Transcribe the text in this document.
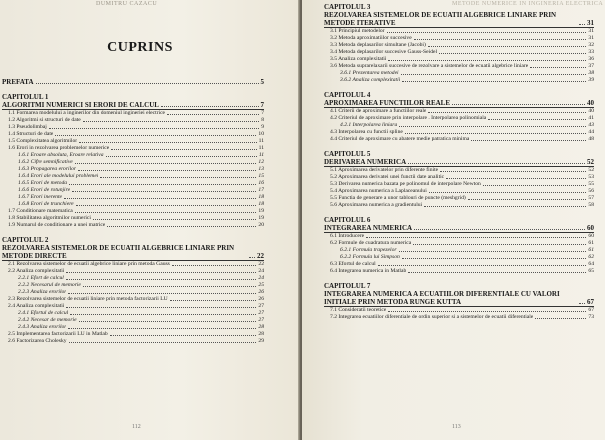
DUMITRU CAZACU
CUPRINS
PREFATA	5
CAPITOLUL 1
ALGORITMI NUMERICI SI ERORI DE CALCUL	7
1.1 Formarea modelului a inginerilor din domeniul ingineriei electrice	7
1.2 Algoritmi si structuri de date	8
1.3 Pseudolimbaj	9
1.4 Structuri de date	10
1.5 Complexitatea algoritmilor	11
1.6 Erori in rezolvarea problemelor numerice	11
1.6.1 Eroare absoluta, Eroare relativa	11
1.6.2 Cifre semnificative	12
1.6.3 Propagarea erorilor	13
1.6.4 Erori ale modelului problemei	15
1.6.5 Erori de metoda	16
1.6.6 Erori de rotunjire	17
1.6.7 Erori inerente	18
1.6.8 Erori de trunchiere	18
1.7 Conditionare matematica	19
1.8 Stabilitatea algoritmilor numerici	19
1.9 Numarul de conditionare a unei matrice	20
CAPITOLUL 2
REZOLVAREA SISTEMELOR DE ECUATII ALGEBRICE LINIARE PRIN METODE DIRECTE	22
2.1 Rezolvarea sistemelor de ecuatii algebrice liniare prin metoda Gauss	22
2.2 Analiza complexitatii	24
2.2.1 Efort de calcul	24
2.2.2 Necesarul de memorie	25
2.2.3 Analiza erorilor	26
2.3 Rezolvarea sistemelor de ecuatii liniare prin metoda factorizarii LU	26
2.4 Analiza complexitatii	27
2.4.1 Efortul de calcul	27
2.4.2 Necesar de memorie	27
2.4.3 Analiza erorilor	28
2.5 Implementarea factorizarii LU in Matlab	28
2.6 Factorizarea Cholesky	29
112
METODE NUMERICE IN INGINERIA ELECTRICA
CAPITOLUL 3
REZOLVAREA SISTEMELOR DE ECUATII ALGEBRICE LINIARE PRIN METODE ITERATIVE	31
3.1 Principiul metodelor	31
3.2 Metoda aproximatiilor succesive	31
3.3 Metoda deplasarilor simultane (Jacobi)	32
3.4 Metoda deplasarilor succesive Gauss-Seidel	33
3.5 Analiza complexitatii	36
3.6 Metoda suprarelaxarii succesive de rezolvare a sistemelor de ecuatii algebrice liniare	37
3.6.1 Prezentarea metodei	38
3.6.2 Analiza complexitatii	39
CAPITOLUL 4
APROXIMAREA FUNCTIILOR REALE	40
4.1 Criterii de aproximare a functiilor reale	40
4.2 Criteriul de aproximare prin interpolare . Interpolarea polinomiala	41
4.2.1 Interpolarea liniara	43
4.3 Interpolarea cu functii spline	44
4.4 Criteriul de aproximare cu abatere medie patratica minima	48
CAPITOLUL 5
DERIVAREA NUMERICA	52
5.1 Aproximarea derivatelor prin diferente finite	52
5.2 Aproximarea derivatei unei functii date analitic	53
5.3 Derivarea numerica bazata pe polinomul de interpolare Newton	55
5.4 Aproximarea numerica a Laplaceanului	56
5.5 Functia de generare a unor tablouri de puncte (meshgrid)	57
5.6 Aproximarea numerica a gradientului	58
CAPITOLUL 6
INTEGRAREA NUMERICA	60
6.1 Introducere	60
6.2 Formule de cuadratura numerica	61
6.2.1 Formula trapezelor	61
6.2.2 Formula lui Simpson	62
6.3 Efortul de calcul	64
6.4 Integrarea numerica in Matlab	65
CAPITOLUL 7
INTEGRAREA NUMERICA A ECUATIILOR DIFERENTIALE CU VALORI INITIALE PRIN METODA RUNGE KUTTA	67
7.1 Consideratii teoretice	67
7.2 Integrarea ecuatiilor diferentiale de ordin superior si a sistemelor de ecuatii diferentiale	73
113
